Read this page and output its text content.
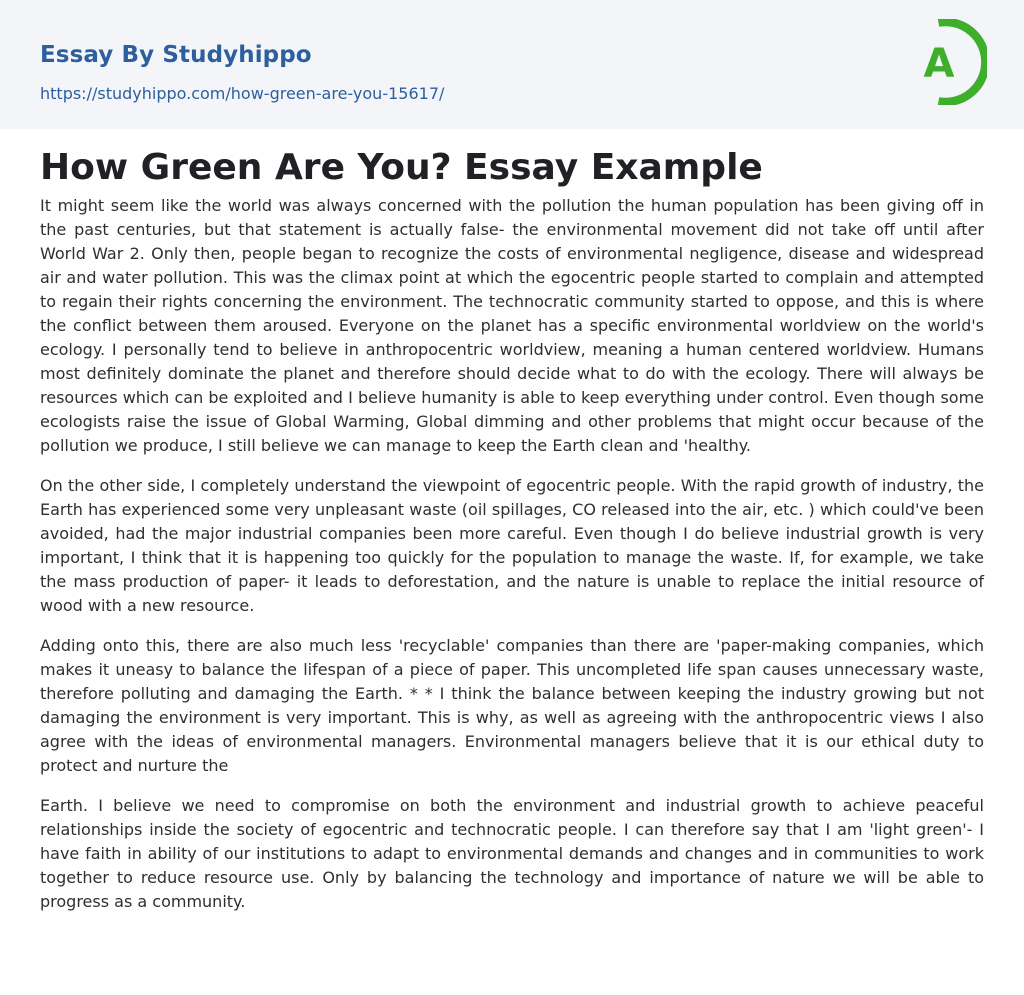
Essay By Studyhippo
https://studyhippo.com/how-green-are-you-15617/
A
How Green Are You? Essay Example

It might seem like the world was always concerned with the pollution the human population has been giving off in the past centuries, but that statement is actually false- the environmental movement did not take off until after World War 2. Only then, people began to recognize the costs of environmental negligence, disease and widespread air and water pollution. This was the climax point at which the egocentric people started to complain and attempted to regain their rights concerning the environment. The technocratic community started to oppose, and this is where the conflict between them aroused. Everyone on the planet has a specific environmental worldview on the world's ecology. I personally tend to believe in anthropocentric worldview, meaning a human centered worldview. Humans most definitely dominate the planet and therefore should decide what to do with the ecology. There will always be resources which can be exploited and I believe humanity is able to keep everything under control. Even though some ecologists raise the issue of Global Warming, Global dimming and other problems that might occur because of the pollution we produce, I still believe we can manage to keep the Earth clean and 'healthy.

On the other side, I completely understand the viewpoint of egocentric people. With the rapid growth of industry, the Earth has experienced some very unpleasant waste (oil spillages, CO released into the air, etc. ) which could've been avoided, had the major industrial companies been more careful. Even though I do believe industrial growth is very important, I think that it is happening too quickly for the population to manage the waste. If, for example, we take the mass production of paper- it leads to deforestation, and the nature is unable to replace the initial resource of wood with a new resource.

Adding onto this, there are also much less 'recyclable' companies than there are 'paper-making companies, which makes it uneasy to balance the lifespan of a piece of paper. This uncompleted life span causes unnecessary waste, therefore polluting and damaging the Earth. * * I think the balance between keeping the industry growing but not damaging the environment is very important. This is why, as well as agreeing with the anthropocentric views I also agree with the ideas of environmental managers. Environmental managers believe that it is our ethical duty to protect and nurture the

Earth. I believe we need to compromise on both the environment and industrial growth to achieve peaceful relationships inside the society of egocentric and technocratic people. I can therefore say that I am 'light green'- I have faith in ability of our institutions to adapt to environmental demands and changes and in communities to work together to reduce resource use. Only by balancing the technology and importance of nature we will be able to progress as a community.
